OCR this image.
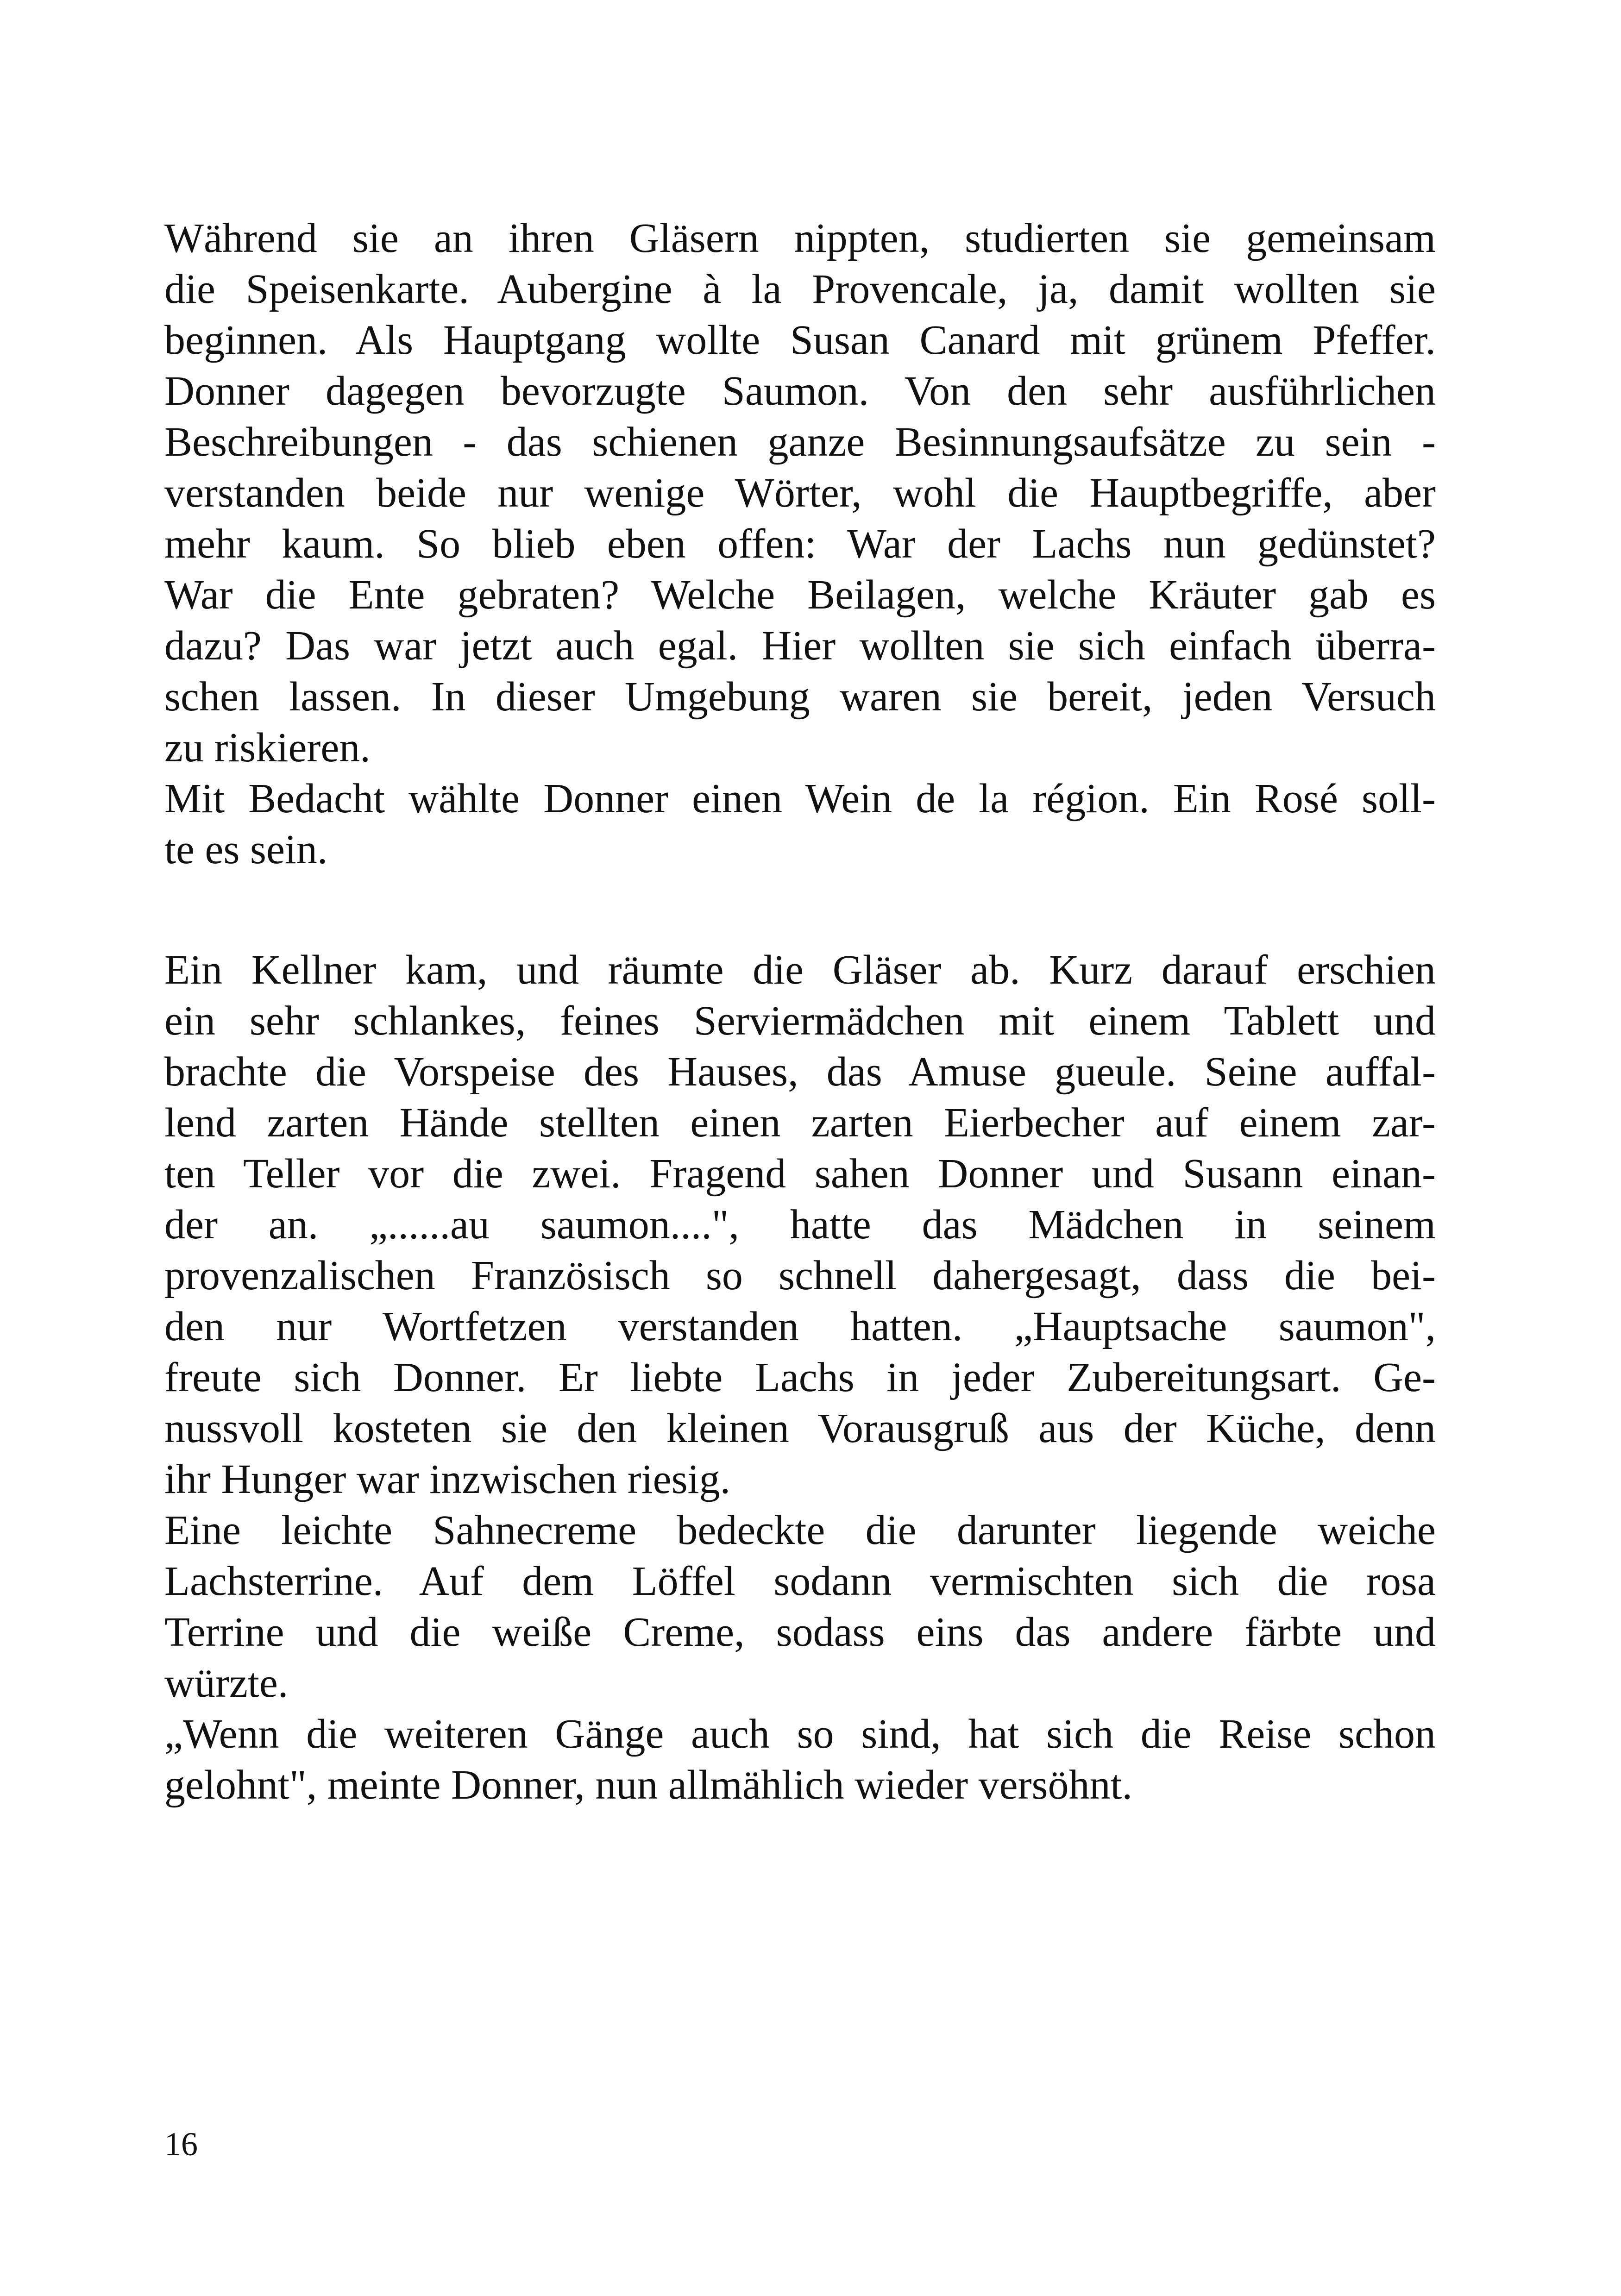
Während sie an ihren Gläsern nippten, studierten sie gemeinsam
die Speisenkarte. Aubergine à la Provencale, ja, damit wollten sie
beginnen. Als Hauptgang wollte Susan Canard mit grünem Pfeffer.
Donner dagegen bevorzugte Saumon. Von den sehr ausführlichen
Beschreibungen - das schienen ganze Besinnungsaufsätze zu sein -
verstanden beide nur wenige Wörter, wohl die Hauptbegriffe, aber
mehr kaum. So blieb eben offen: War der Lachs nun gedünstet?
War die Ente gebraten? Welche Beilagen, welche Kräuter gab es
dazu? Das war jetzt auch egal. Hier wollten sie sich einfach überra-
schen lassen. In dieser Umgebung waren sie bereit, jeden Versuch
zu riskieren.
Mit Bedacht wählte Donner einen Wein de la région. Ein Rosé soll-
te es sein.
Ein Kellner kam, und räumte die Gläser ab. Kurz darauf erschien
ein sehr schlankes, feines Serviermädchen mit einem Tablett und
brachte die Vorspeise des Hauses, das Amuse gueule. Seine auffal-
lend zarten Hände stellten einen zarten Eierbecher auf einem zar-
ten Teller vor die zwei. Fragend sahen Donner und Susann einan-
der an. „......au saumon....", hatte das Mädchen in seinem
provenzalischen Französisch so schnell dahergesagt, dass die bei-
den nur Wortfetzen verstanden hatten. „Hauptsache saumon",
freute sich Donner. Er liebte Lachs in jeder Zubereitungsart. Ge-
nussvoll kosteten sie den kleinen Vorausgruß aus der Küche, denn
ihr Hunger war inzwischen riesig.
Eine leichte Sahnecreme bedeckte die darunter liegende weiche
Lachsterrine. Auf dem Löffel sodann vermischten sich die rosa
Terrine und die weiße Creme, sodass eins das andere färbte und
würzte.
„Wenn die weiteren Gänge auch so sind, hat sich die Reise schon
gelohnt", meinte Donner, nun allmählich wieder versöhnt.
16
